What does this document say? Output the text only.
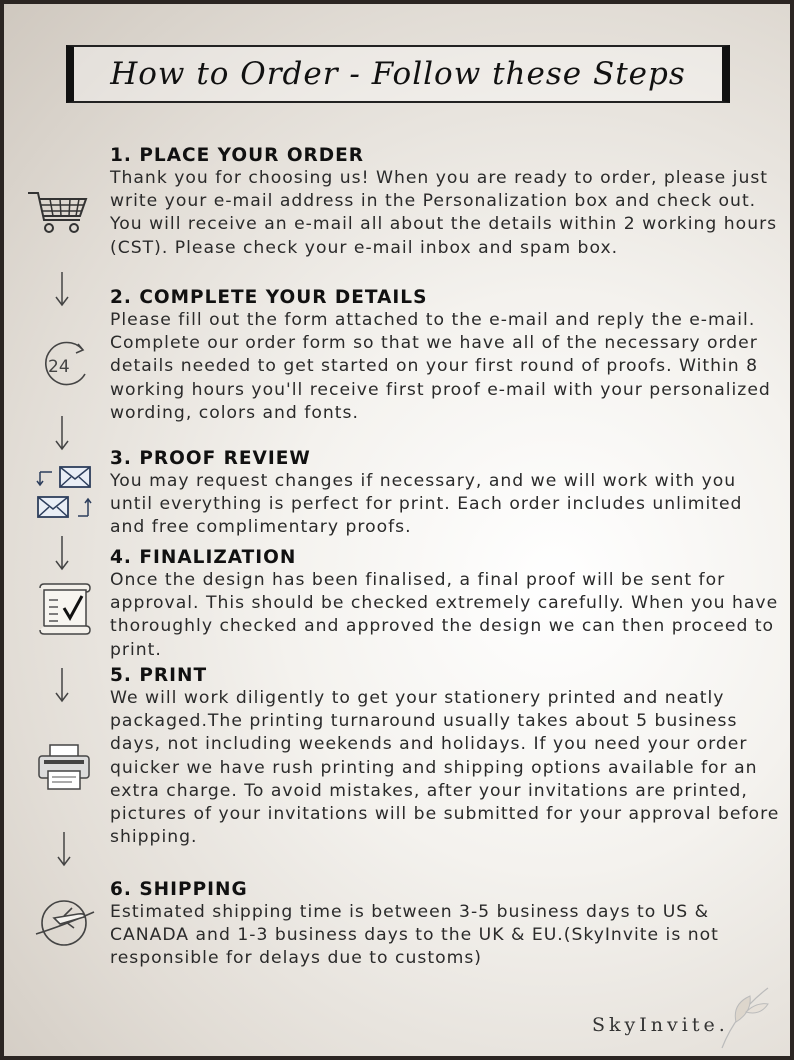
How to Order - Follow these Steps
1. PLACE YOUR ORDER

Thank you for choosing us! When you are ready to order, please just write your e-mail address in the Personalization box and check out. You will receive an e-mail all about the details within 2 working hours (CST). Please check your e-mail inbox and spam box.

2. COMPLETE YOUR DETAILS

Please fill out the form attached to the e-mail and reply the e-mail. Complete our order form so that we have all of the necessary order details needed to get started on your first round of proofs. Within 8 working hours you'll receive first proof e-mail with your personalized wording, colors and fonts.

24
3. PROOF REVIEW

You may request changes if necessary, and we will work with you until everything is perfect for print. Each order includes unlimited and free complimentary proofs.

4. FINALIZATION

Once the design has been finalised, a final proof will be sent for approval. This should be checked extremely carefully. When you have thoroughly checked and approved the design we can then proceed to print.

5. PRINT

We will work diligently to get your stationery printed and neatly packaged.The printing turnaround usually takes about 5 business days, not including weekends and holidays. If you need your order quicker we have rush printing and shipping options available for an extra charge. To avoid mistakes, after your invitations are printed, pictures of your invitations will be submitted for your approval before shipping.

6. SHIPPING

Estimated shipping time is between 3-5 business days to US & CANADA and 1-3 business days to the UK & EU.(SkyInvite is not responsible for delays due to customs)

SkyInvite.
